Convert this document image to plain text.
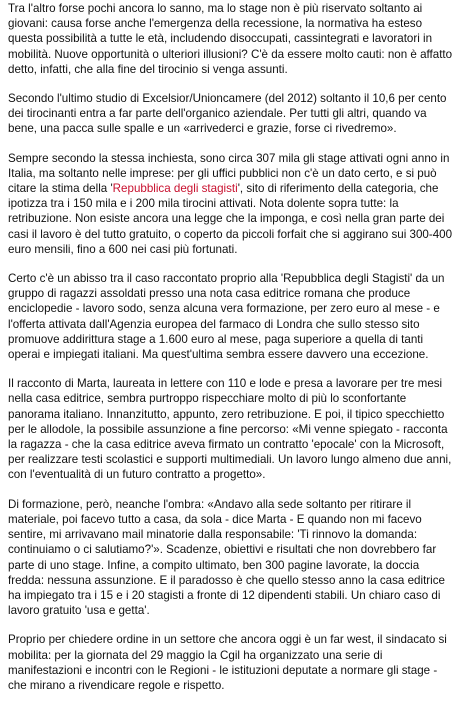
Tra l'altro forse pochi ancora lo sanno, ma lo stage non è più riservato soltanto ai giovani: causa forse anche l'emergenza della recessione, la normativa ha esteso questa possibilità a tutte le età, includendo disoccupati, cassintegrati e lavoratori in mobilità. Nuove opportunità o ulteriori illusioni? C'è da essere molto cauti: non è affatto detto, infatti, che alla fine del tirocinio si venga assunti.

Secondo l'ultimo studio di Excelsior/Unioncamere (del 2012) soltanto il 10,6 per cento dei tirocinanti entra a far parte dell'organico aziendale. Per tutti gli altri, quando va bene, una pacca sulle spalle e un «arrivederci e grazie, forse ci rivedremo».

Sempre secondo la stessa inchiesta, sono circa 307 mila gli stage attivati ogni anno in Italia, ma soltanto nelle imprese: per gli uffici pubblici non c'è un dato certo, e si può citare la stima della 'Repubblica degli stagisti', sito di riferimento della categoria, che ipotizza tra i 150 mila e i 200 mila tirocini attivati. Nota dolente sopra tutte: la retribuzione. Non esiste ancora una legge che la imponga, e così nella gran parte dei casi il lavoro è del tutto gratuito, o coperto da piccoli forfait che si aggirano sui 300-400 euro mensili, fino a 600 nei casi più fortunati.

Certo c'è un abisso tra il caso raccontato proprio alla 'Repubblica degli Stagisti' da un gruppo di ragazzi assoldati presso una nota casa editrice romana che produce enciclopedie - lavoro sodo, senza alcuna vera formazione, per zero euro al mese - e l'offerta attivata dall'Agenzia europea del farmaco di Londra che sullo stesso sito promuove addirittura stage a 1.600 euro al mese, paga superiore a quella di tanti operai e impiegati italiani. Ma quest'ultima sembra essere davvero una eccezione.

Il racconto di Marta, laureata in lettere con 110 e lode e presa a lavorare per tre mesi nella casa editrice, sembra purtroppo rispecchiare molto di più lo sconfortante panorama italiano. Innanzitutto, appunto, zero retribuzione. E poi, il tipico specchietto per le allodole, la possibile assunzione a fine percorso: «Mi venne spiegato - racconta la ragazza - che la casa editrice aveva firmato un contratto 'epocale' con la Microsoft, per realizzare testi scolastici e supporti multimediali. Un lavoro lungo almeno due anni, con l'eventualità di un futuro contratto a progetto».

Di formazione, però, neanche l'ombra: «Andavo alla sede soltanto per ritirare il materiale, poi facevo tutto a casa, da sola - dice Marta - E quando non mi facevo sentire, mi arrivavano mail minatorie dalla responsabile: 'Ti rinnovo la domanda: continuiamo o ci salutiamo?'». Scadenze, obiettivi e risultati che non dovrebbero far parte di uno stage. Infine, a compito ultimato, ben 300 pagine lavorate, la doccia fredda: nessuna assunzione. E il paradosso è che quello stesso anno la casa editrice ha impiegato tra i 15 e i 20 stagisti a fronte di 12 dipendenti stabili. Un chiaro caso di lavoro gratuito 'usa e getta'.

Proprio per chiedere ordine in un settore che ancora oggi è un far west, il sindacato si mobilita: per la giornata del 29 maggio la Cgil ha organizzato una serie di manifestazioni e incontri con le Regioni - le istituzioni deputate a normare gli stage - che mirano a rivendicare regole e rispetto.
